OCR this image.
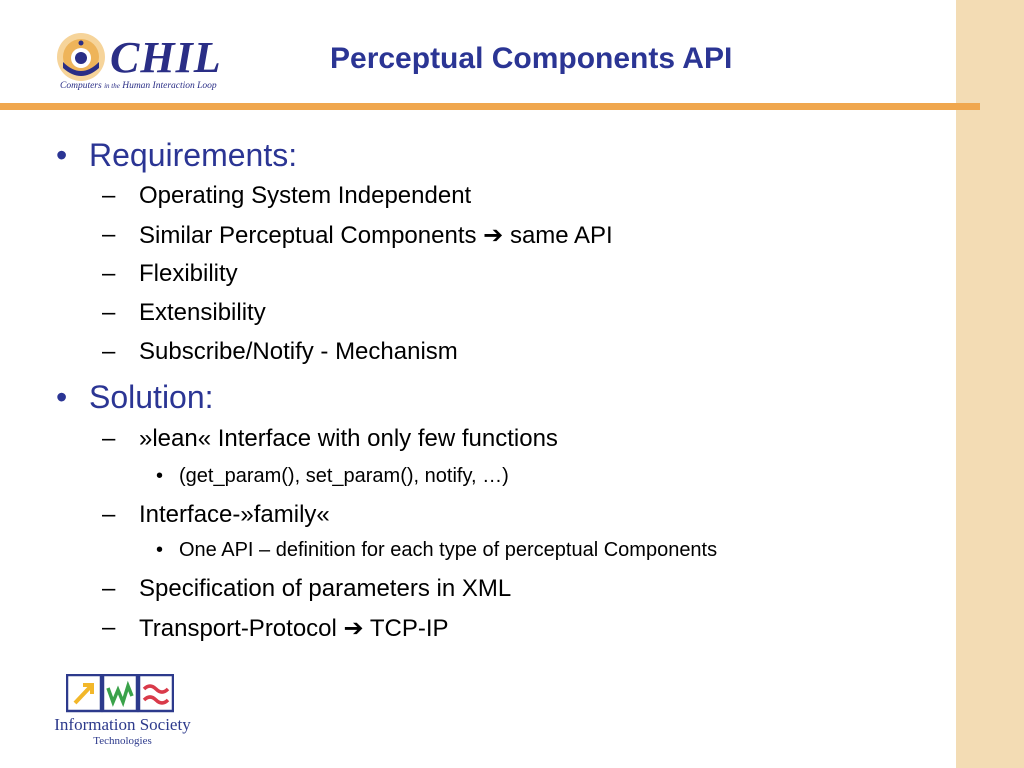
CHIL
Computers in the Human Interaction Loop
Perceptual Components API
• Requirements:
– Operating System Independent
– Similar Perceptual Components ➔ same API
– Flexibility
– Extensibility
– Subscribe/Notify - Mechanism
• Solution:
– »lean« Interface with only few functions
• (get_param(), set_param(), notify, …)
– Interface-»family«
• One API – definition for each type of perceptual Components
– Specification of parameters in XML
– Transport-Protocol ➔ TCP-IP
Information Society
Technologies
